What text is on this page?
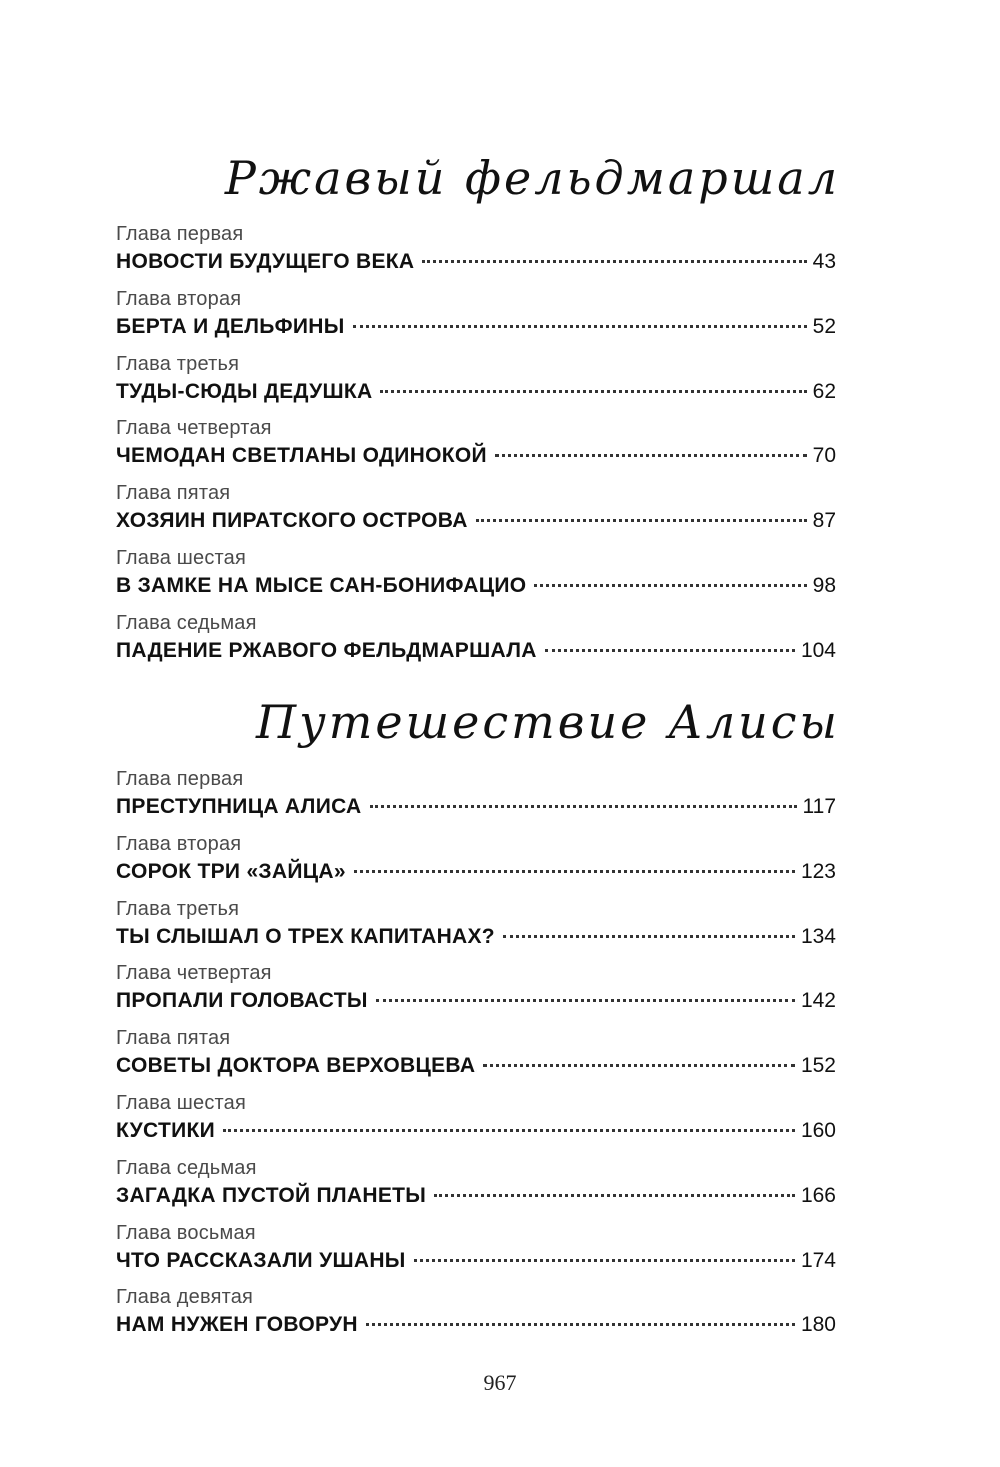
Ржавый фельдмаршал
Глава первая
НОВОСТИ БУДУЩЕГО ВЕКА	43
Глава вторая
БЕРТА И ДЕЛЬФИНЫ	52
Глава третья
ТУДЫ-СЮДЫ ДЕДУШКА	62
Глава четвертая
ЧЕМОДАН СВЕТЛАНЫ ОДИНОКОЙ	70
Глава пятая
ХОЗЯИН ПИРАТСКОГО ОСТРОВА	87
Глава шестая
В ЗАМКЕ НА МЫСЕ САН-БОНИФАЦИО	98
Глава седьмая
ПАДЕНИЕ РЖАВОГО ФЕЛЬДМАРШАЛА	104
Путешествие Алисы
Глава первая
ПРЕСТУПНИЦА АЛИСА	117
Глава вторая
СОРОК ТРИ «ЗАЙЦА»	123
Глава третья
ТЫ СЛЫШАЛ О ТРЕХ КАПИТАНАХ?	134
Глава четвертая
ПРОПАЛИ ГОЛОВАСТЫ	142
Глава пятая
СОВЕТЫ ДОКТОРА ВЕРХОВЦЕВА	152
Глава шестая
КУСТИКИ	160
Глава седьмая
ЗАГАДКА ПУСТОЙ ПЛАНЕТЫ	166
Глава восьмая
ЧТО РАССКАЗАЛИ УШАНЫ	174
Глава девятая
НАМ НУЖЕН ГОВОРУН	180

967
